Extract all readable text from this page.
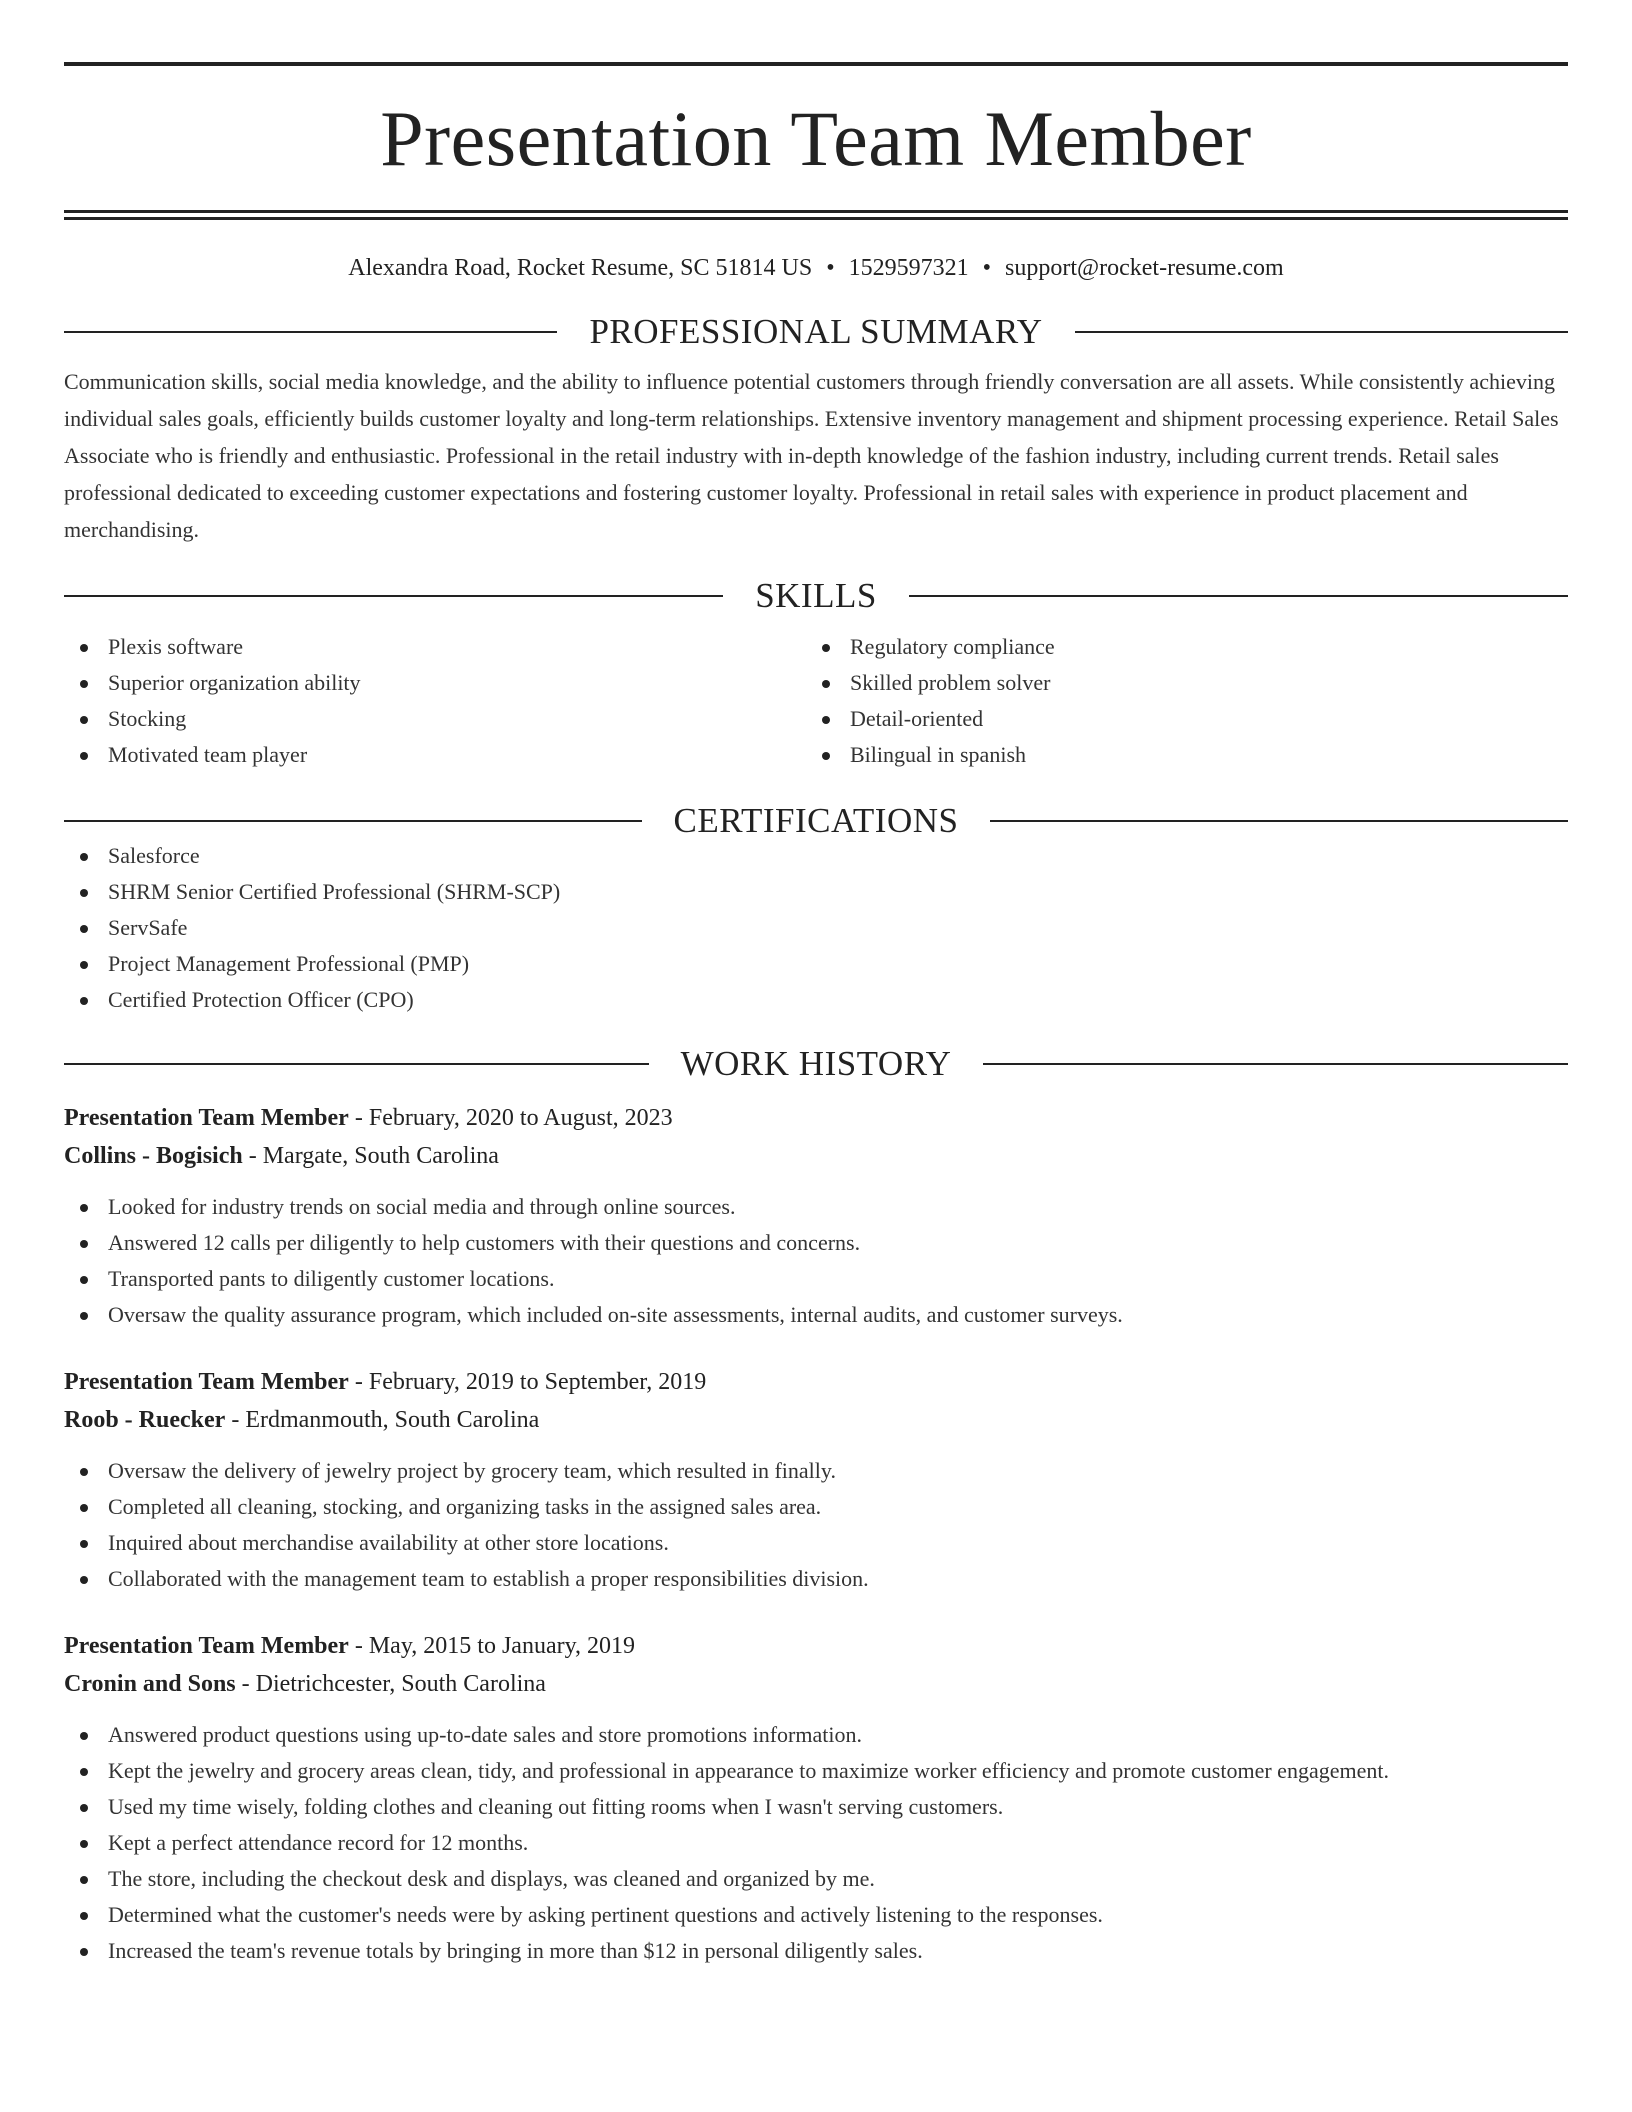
Presentation Team Member
Alexandra Road, Rocket Resume, SC 51814 US • 1529597321 • support@rocket-resume.com
PROFESSIONAL SUMMARY
Communication skills, social media knowledge, and the ability to influence potential customers through friendly conversation are all assets. While consistently achieving individual sales goals, efficiently builds customer loyalty and long-term relationships. Extensive inventory management and shipment processing experience. Retail Sales Associate who is friendly and enthusiastic. Professional in the retail industry with in-depth knowledge of the fashion industry, including current trends. Retail sales professional dedicated to exceeding customer expectations and fostering customer loyalty. Professional in retail sales with experience in product placement and merchandising.
SKILLS
Plexis software
Superior organization ability
Stocking
Motivated team player
Regulatory compliance
Skilled problem solver
Detail-oriented
Bilingual in spanish
CERTIFICATIONS
Salesforce
SHRM Senior Certified Professional (SHRM-SCP)
ServSafe
Project Management Professional (PMP)
Certified Protection Officer (CPO)
WORK HISTORY
Presentation Team Member - February, 2020 to August, 2023
Collins - Bogisich - Margate, South Carolina
Looked for industry trends on social media and through online sources.
Answered 12 calls per diligently to help customers with their questions and concerns.
Transported pants to diligently customer locations.
Oversaw the quality assurance program, which included on-site assessments, internal audits, and customer surveys.
Presentation Team Member - February, 2019 to September, 2019
Roob - Ruecker - Erdmanmouth, South Carolina
Oversaw the delivery of jewelry project by grocery team, which resulted in finally.
Completed all cleaning, stocking, and organizing tasks in the assigned sales area.
Inquired about merchandise availability at other store locations.
Collaborated with the management team to establish a proper responsibilities division.
Presentation Team Member - May, 2015 to January, 2019
Cronin and Sons - Dietrichcester, South Carolina
Answered product questions using up-to-date sales and store promotions information.
Kept the jewelry and grocery areas clean, tidy, and professional in appearance to maximize worker efficiency and promote customer engagement.
Used my time wisely, folding clothes and cleaning out fitting rooms when I wasn't serving customers.
Kept a perfect attendance record for 12 months.
The store, including the checkout desk and displays, was cleaned and organized by me.
Determined what the customer's needs were by asking pertinent questions and actively listening to the responses.
Increased the team's revenue totals by bringing in more than $12 in personal diligently sales.
